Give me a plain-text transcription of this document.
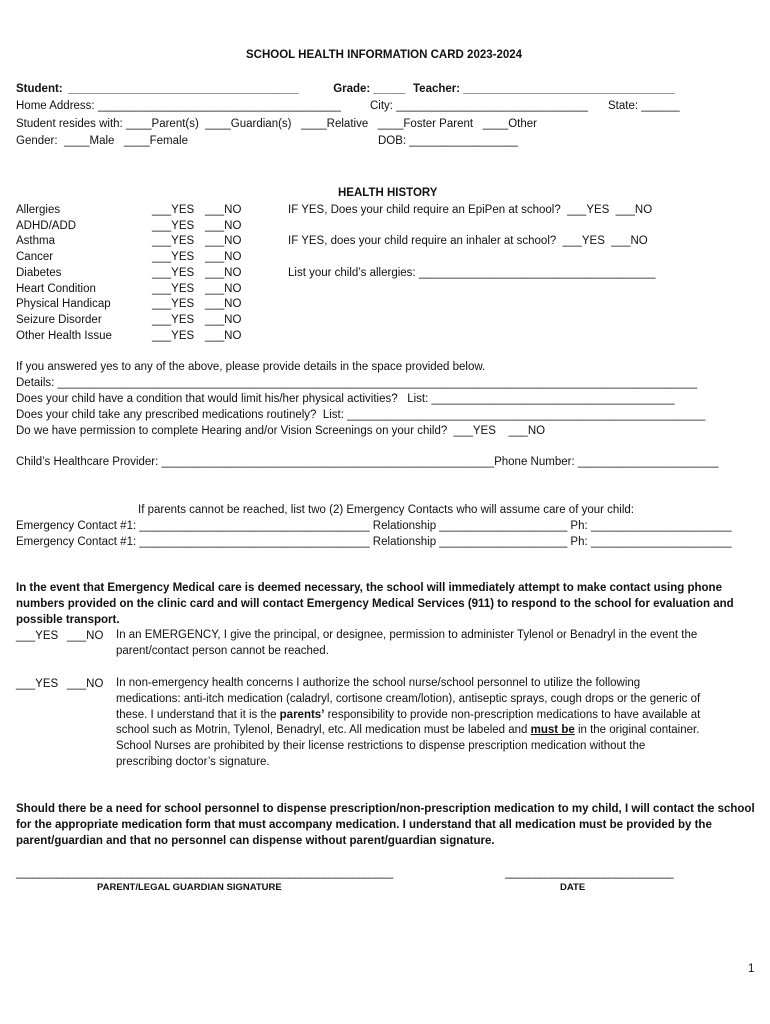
SCHOOL HEALTH INFORMATION CARD 2023-2024
Student: ____________________________________	Grade: _____ Teacher: _________________________________
Home Address: ______________________________________	City: ______________________________ State: ______
Student resides with: ____Parent(s)  ____Guardian(s)   ____Relative   ____Foster Parent   ____Other
Gender:  ____Male   ____Female	DOB: _________________
HEALTH HISTORY
Allergies	___YES ___NO
ADHD/ADD	___YES ___NO
Asthma	___YES ___NO
Cancer	___YES ___NO
Diabetes	___YES ___NO
Heart Condition	___YES ___NO
Physical Handicap	___YES ___NO
Seizure Disorder	___YES ___NO
Other Health Issue	___YES ___NO
IF YES, Does your child require an EpiPen at school?  ___YES  ___NO
IF YES, does your child require an inhaler at school?  ___YES  ___NO
List your child’s allergies: _____________________________________
If you answered yes to any of the above, please provide details in the space provided below.
Details: ____________________________________________________________________________________________________
Does your child have a condition that would limit his/her physical activities?   List: ______________________________________
Does your child take any prescribed medications routinely?  List: ________________________________________________________
Do we have permission to complete Hearing and/or Vision Screenings on your child?  ___YES    ___NO
Child’s Healthcare Provider: ____________________________________________________Phone Number: ______________________
If parents cannot be reached, list two (2) Emergency Contacts who will assume care of your child:
Emergency Contact #1: ____________________________________ Relationship ____________________ Ph: ______________________
Emergency Contact #1: ____________________________________ Relationship ____________________ Ph: ______________________
In the event that Emergency Medical care is deemed necessary, the school will immediately attempt to make contact using phone numbers provided on the clinic card and will contact Emergency Medical Services (911) to respond to the school for evaluation and possible transport.
___YES ___NO In an EMERGENCY, I give the principal, or designee, permission to administer Tylenol or Benadryl in the event the parent/contact person cannot be reached.
___YES ___NO In non-emergency health concerns I authorize the school nurse/school personnel to utilize the following medications: anti-itch medication (caladryl, cortisone cream/lotion), antiseptic sprays, cough drops or the generic of these. I understand that it is the parents’ responsibility to provide non-prescription medications to have available at school such as Motrin, Tylenol, Benadryl, etc. All medication must be labeled and must be in the original container. School Nurses are prohibited by their license restrictions to dispense prescription medication without the prescribing doctor’s signature.
Should there be a need for school personnel to dispense prescription/non-prescription medication to my child, I will contact the school for the appropriate medication form that must accompany medication. I understand that all medication must be provided by the parent/guardian and that no personnel can dispense without parent/guardian signature.
_________________________________________________________________
PARENT/LEGAL GUARDIAN SIGNATURE
_____________________________
DATE
1
